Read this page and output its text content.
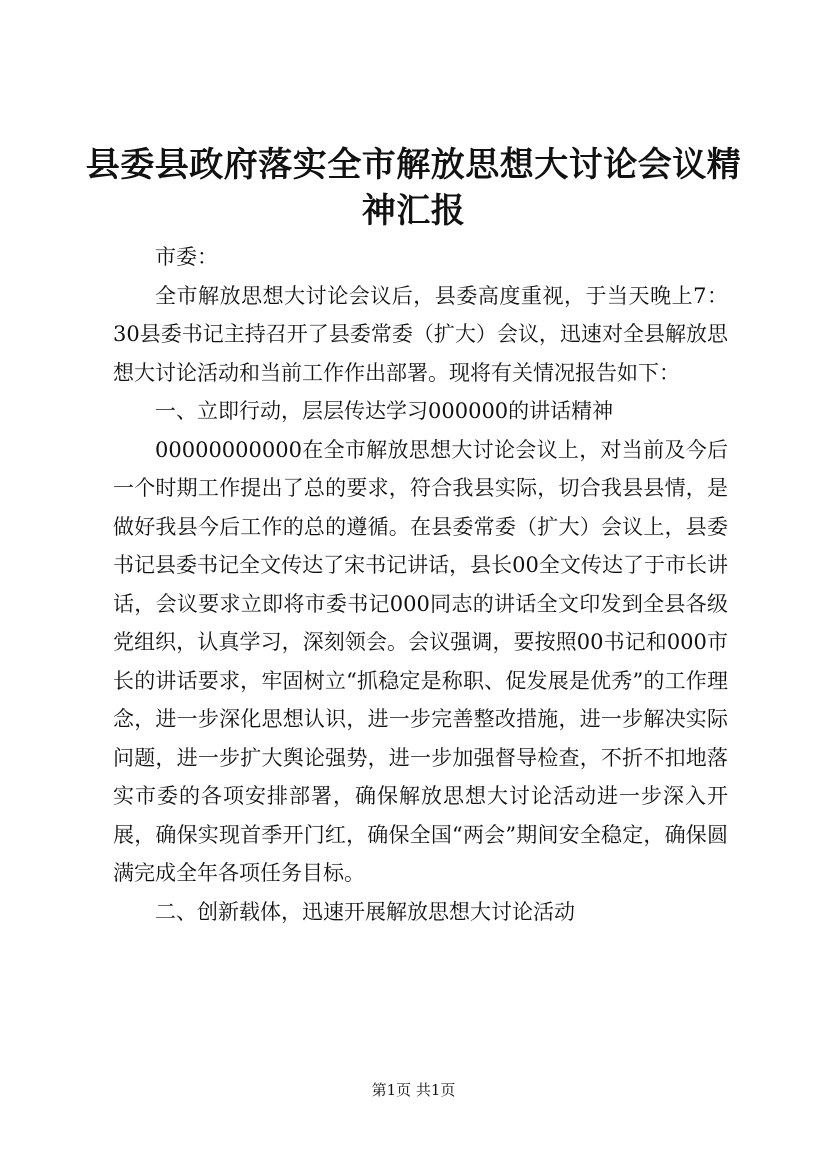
县委县政府落实全市解放思想大讨论会议精神汇报

市委：

全市解放思想大讨论会议后，县委高度重视，于当天晚上7：30县委书记主持召开了县委常委（扩大）会议，迅速对全县解放思想大讨论活动和当前工作作出部署。现将有关情况报告如下：

一、立即行动，层层传达学习000000的讲话精神

00000000000在全市解放思想大讨论会议上，对当前及今后一个时期工作提出了总的要求，符合我县实际，切合我县县情，是做好我县今后工作的总的遵循。在县委常委（扩大）会议上，县委书记县委书记全文传达了宋书记讲话，县长00全文传达了于市长讲话，会议要求立即将市委书记000同志的讲话全文印发到全县各级党组织，认真学习，深刻领会。会议强调，要按照00书记和000市长的讲话要求，牢固树立“抓稳定是称职、促发展是优秀”的工作理念，进一步深化思想认识，进一步完善整改措施，进一步解决实际问题，进一步扩大舆论强势，进一步加强督导检查，不折不扣地落实市委的各项安排部署，确保解放思想大讨论活动进一步深入开展，确保实现首季开门红，确保全国“两会”期间安全稳定，确保圆满完成全年各项任务目标。

二、创新载体，迅速开展解放思想大讨论活动

第1页 共1页
